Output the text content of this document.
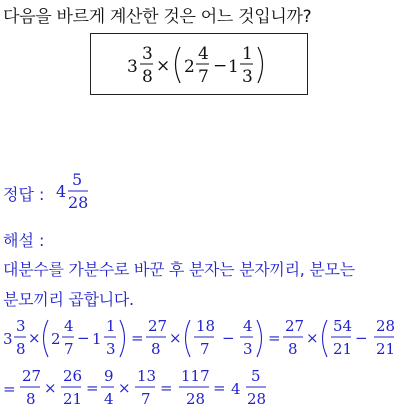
다음을 바르게 계산한 것은 어느 것입니까?
3
3
8
× 2
4
7
− 1
1
3
정답 : 4
5
28
해설 :
대분수를 가분수로 바꾼 후 분자는 분자끼리, 분모는
분모끼리 곱합니다.
3
3
8
× 2
4
7
− 1
1
3
=
27
8
×
18
7
−
4
3
=
27
8
×
54
21
−
28
21
=
27
8
×
26
21
=
9
4
×
13
7
=
117
28
= 4
5
28
